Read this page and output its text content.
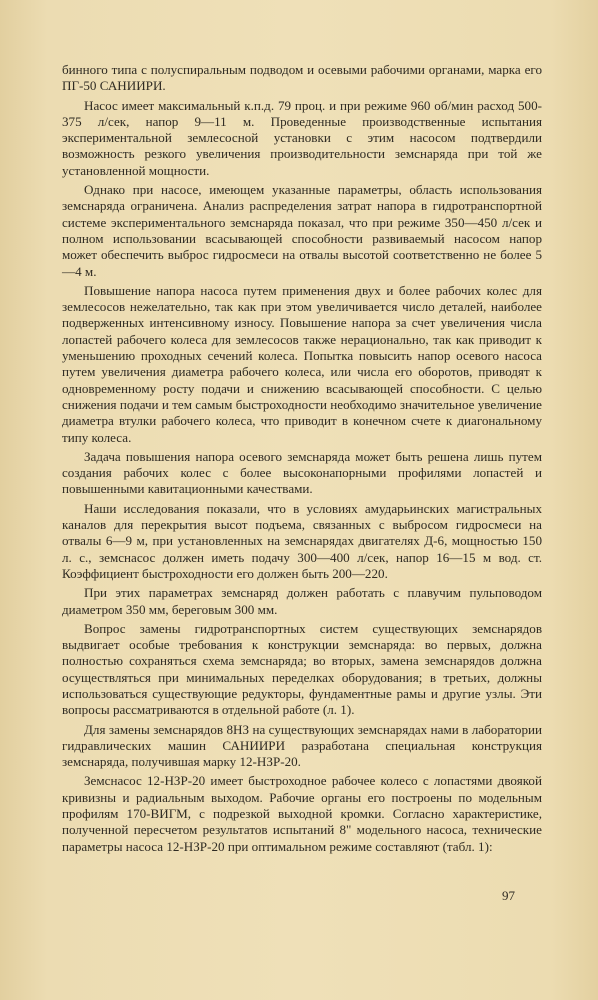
бинного типа с полуспиральным подводом и осевыми рабочими органами, марка его ПГ-50 САНИИРИ.

Насос имеет максимальный к.п.д. 79 проц. и при режиме 960 об/мин расход 500-375 л/сек, напор 9—11 м. Проведенные производственные испытания экспериментальной землесосной установки с этим насосом подтвердили возможность резкого увеличения производительности земснаряда при той же установленной мощности.

Однако при насосе, имеющем указанные параметры, область использования земснаряда ограничена. Анализ распределения затрат напора в гидротранспортной системе экспериментального земснаряда показал, что при режиме 350—450 л/сек и полном использовании всасывающей способности развиваемый насосом напор может обеспечить выброс гидросмеси на отвалы высотой соответственно не более 5—4 м.

Повышение напора насоса путем применения двух и более рабочих колес для землесосов нежелательно, так как при этом увеличивается число деталей, наиболее подверженных интенсивному износу. Повышение напора за счет увеличения числа лопастей рабочего колеса для землесосов также нерационально, так как приводит к уменьшению проходных сечений колеса. Попытка повысить напор осевого насоса путем увеличения диаметра рабочего колеса, или числа его оборотов, приводят к одновременному росту подачи и снижению всасывающей способности. С целью снижения подачи и тем самым быстроходности необходимо значительное увеличение диаметра втулки рабочего колеса, что приводит в конечном счете к диагональному типу колеса.

Задача повышения напора осевого земснаряда может быть решена лишь путем создания рабочих колес с более высоконапорными профилями лопастей и повышенными кавитационными качествами.

Наши исследования показали, что в условиях амударьинских магистральных каналов для перекрытия высот подъема, связанных с выбросом гидросмеси на отвалы 6—9 м, при установленных на земснарядах двигателях Д-6, мощностью 150 л. с., земснасос должен иметь подачу 300—400 л/сек, напор 16—15 м вод. ст. Коэффициент быстроходности его должен быть 200—220.

При этих параметрах земснаряд должен работать с плавучим пульповодом диаметром 350 мм, береговым 300 мм.

Вопрос замены гидротранспортных систем существующих земснарядов выдвигает особые требования к конструкции земснаряда: во первых, должна полностью сохраняться схема земснаряда; во вторых, замена земснарядов должна осуществляться при минимальных переделках оборудования; в третьих, должны использоваться существующие редукторы, фундаментные рамы и другие узлы. Эти вопросы рассматриваются в отдельной работе (л. 1).

Для замены земснарядов 8НЗ на существующих земснарядах нами в лаборатории гидравлических машин САНИИРИ разработана специальная конструкция земснаряда, получившая марку 12-НЗР-20.

Земснасос 12-НЗР-20 имеет быстроходное рабочее колесо с лопастями двоякой кривизны и радиальным выходом. Рабочие органы его построены по модельным профилям 170-ВИГМ, с подрезкой выходной кромки. Согласно характеристике, полученной пересчетом результатов испытаний 8" модельного насоса, технические параметры насоса 12-НЗР-20 при оптимальном режиме составляют (табл. 1):

97
